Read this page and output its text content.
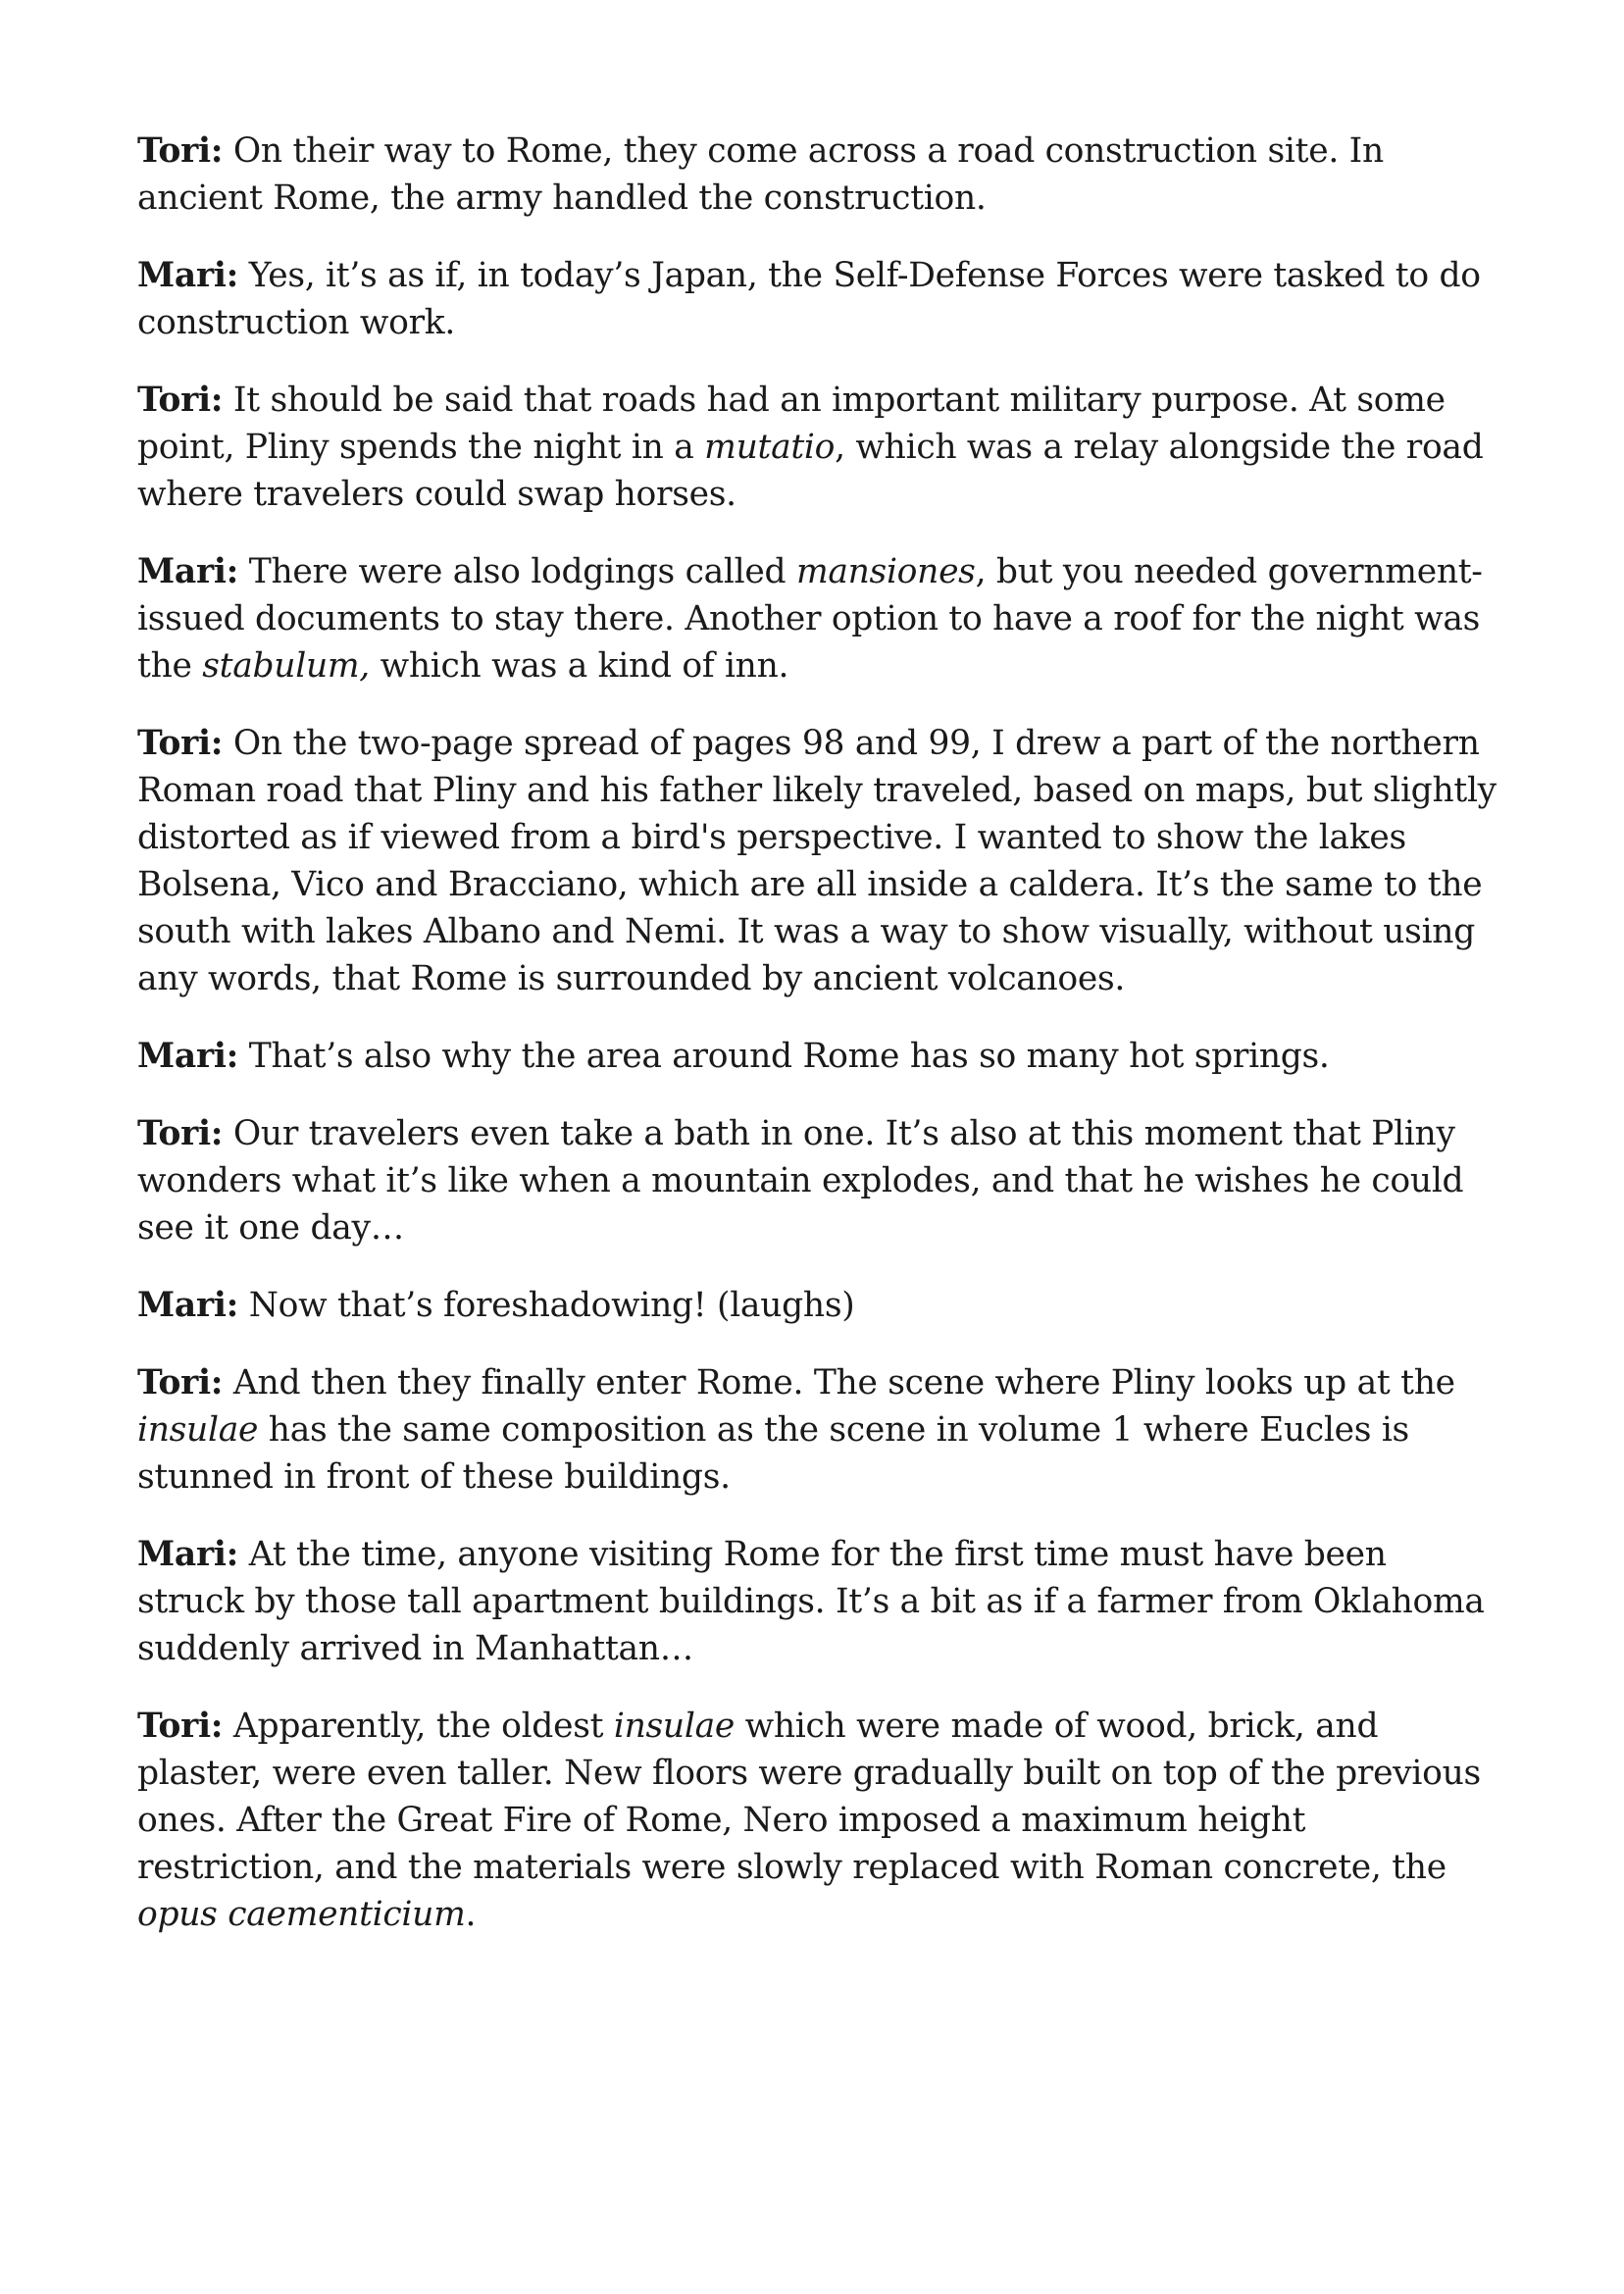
Tori: On their way to Rome, they come across a road construction site. In ancient Rome, the army handled the construction.

Mari: Yes, it’s as if, in today’s Japan, the Self-Defense Forces were tasked to do construction work.

Tori: It should be said that roads had an important military purpose. At some point, Pliny spends the night in a mutatio, which was a relay alongside the road where travelers could swap horses.

Mari: There were also lodgings called mansiones, but you needed government-issued documents to stay there. Another option to have a roof for the night was the stabulum, which was a kind of inn.

Tori: On the two-page spread of pages 98 and 99, I drew a part of the northern Roman road that Pliny and his father likely traveled, based on maps, but slightly distorted as if viewed from a bird's perspective. I wanted to show the lakes Bolsena, Vico and Bracciano, which are all inside a caldera. It’s the same to the south with lakes Albano and Nemi. It was a way to show visually, without using any words, that Rome is surrounded by ancient volcanoes.

Mari: That’s also why the area around Rome has so many hot springs.

Tori: Our travelers even take a bath in one. It’s also at this moment that Pliny wonders what it’s like when a mountain explodes, and that he wishes he could see it one day…

Mari: Now that’s foreshadowing! (laughs)

Tori: And then they finally enter Rome. The scene where Pliny looks up at the insulae has the same composition as the scene in volume 1 where Eucles is stunned in front of these buildings.

Mari: At the time, anyone visiting Rome for the first time must have been struck by those tall apartment buildings. It’s a bit as if a farmer from Oklahoma suddenly arrived in Manhattan…

Tori: Apparently, the oldest insulae which were made of wood, brick, and plaster, were even taller. New floors were gradually built on top of the previous ones. After the Great Fire of Rome, Nero imposed a maximum height restriction, and the materials were slowly replaced with Roman concrete, the opus caementicium.
